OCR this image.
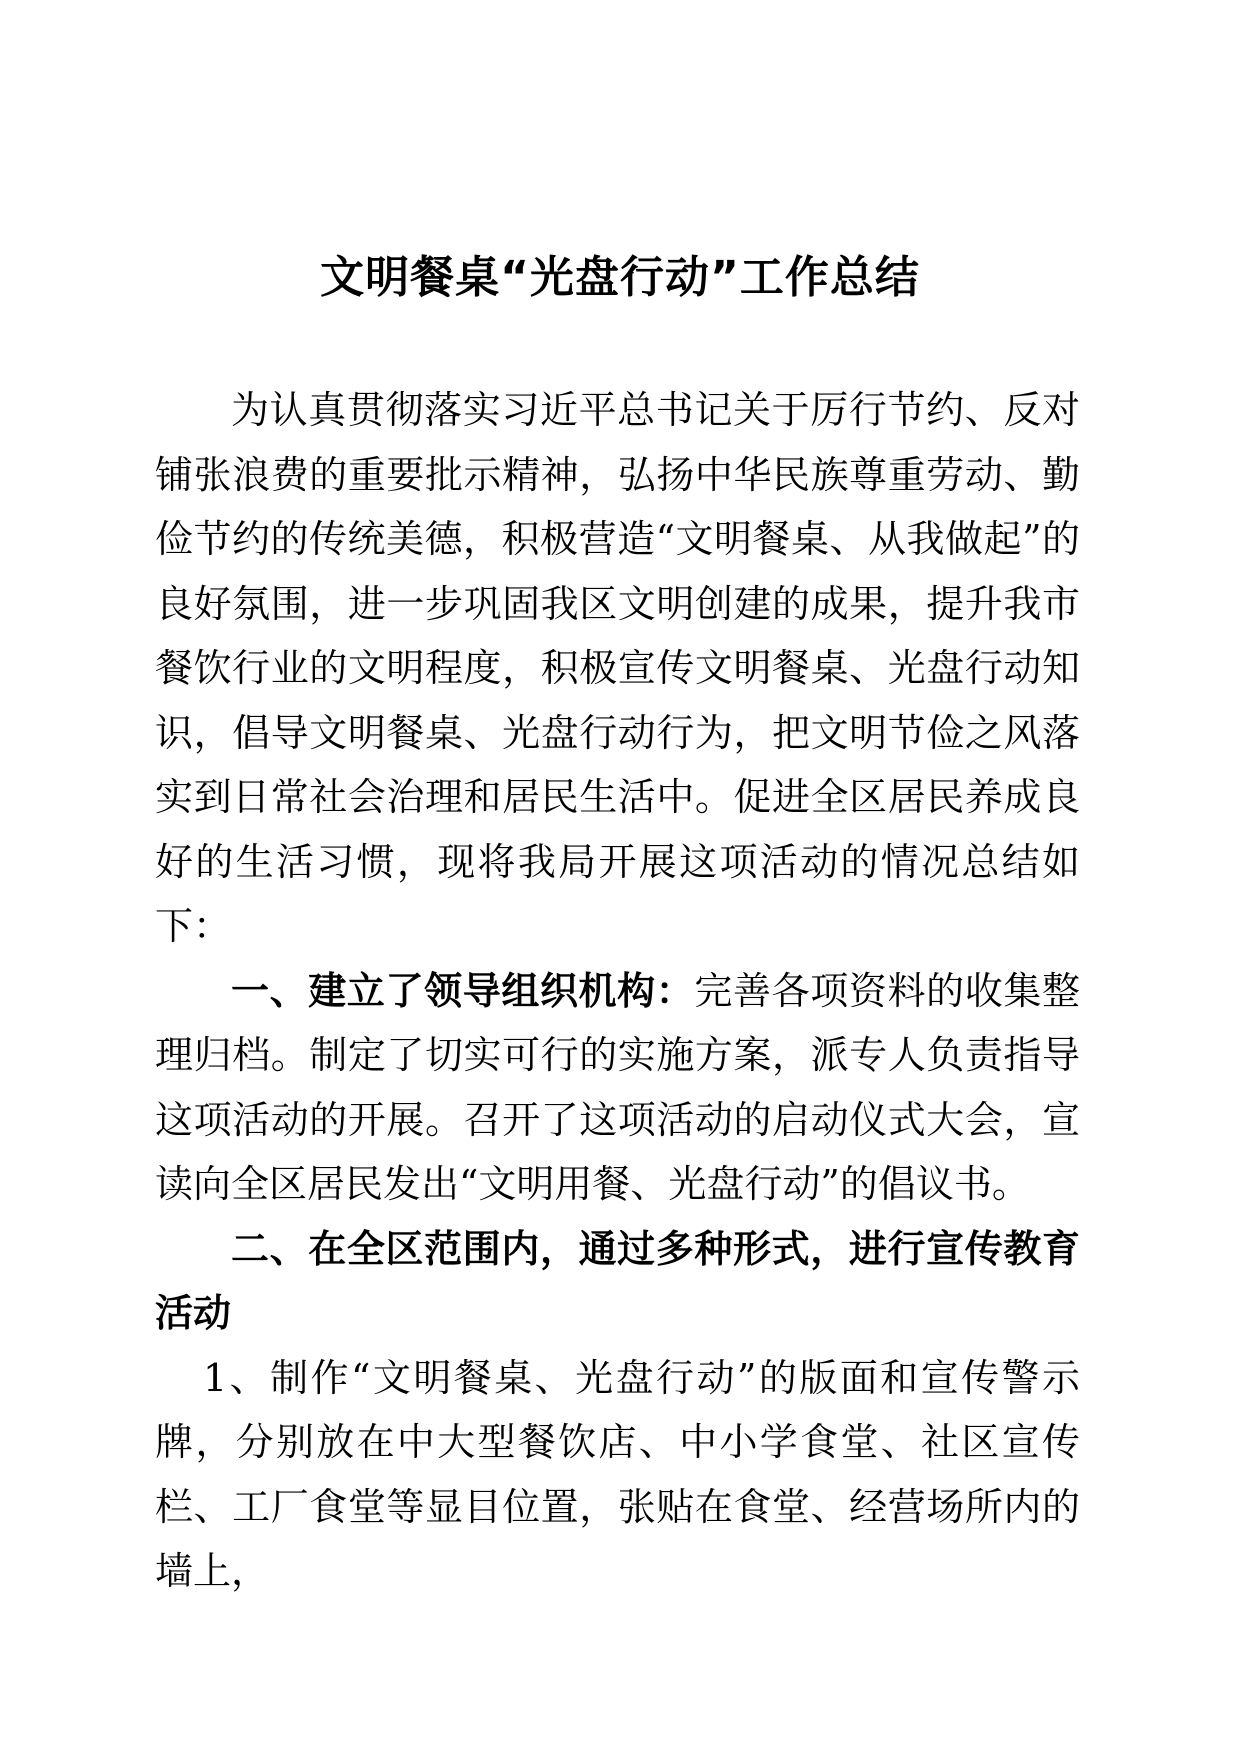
文明餐桌“光盘行动”工作总结

为认真贯彻落实习近平总书记关于厉行节约、反对铺张浪费的重要批示精神，弘扬中华民族尊重劳动、勤俭节约的传统美德，积极营造“文明餐桌、从我做起”的良好氛围，进一步巩固我区文明创建的成果，提升我市餐饮行业的文明程度，积极宣传文明餐桌、光盘行动知识，倡导文明餐桌、光盘行动行为，把文明节俭之风落实到日常社会治理和居民生活中。促进全区居民养成良好的生活习惯，现将我局开展这项活动的情况总结如下：

一、建立了领导组织机构：完善各项资料的收集整理归档。制定了切实可行的实施方案，派专人负责指导这项活动的开展。召开了这项活动的启动仪式大会，宣读向全区居民发出“文明用餐、光盘行动”的倡议书。

二、在全区范围内，通过多种形式，进行宣传教育活动

1、制作“文明餐桌、光盘行动”的版面和宣传警示牌，分别放在中大型餐饮店、中小学食堂、社区宣传栏、工厂食堂等显目位置，张贴在食堂、经营场所内的墙上，
